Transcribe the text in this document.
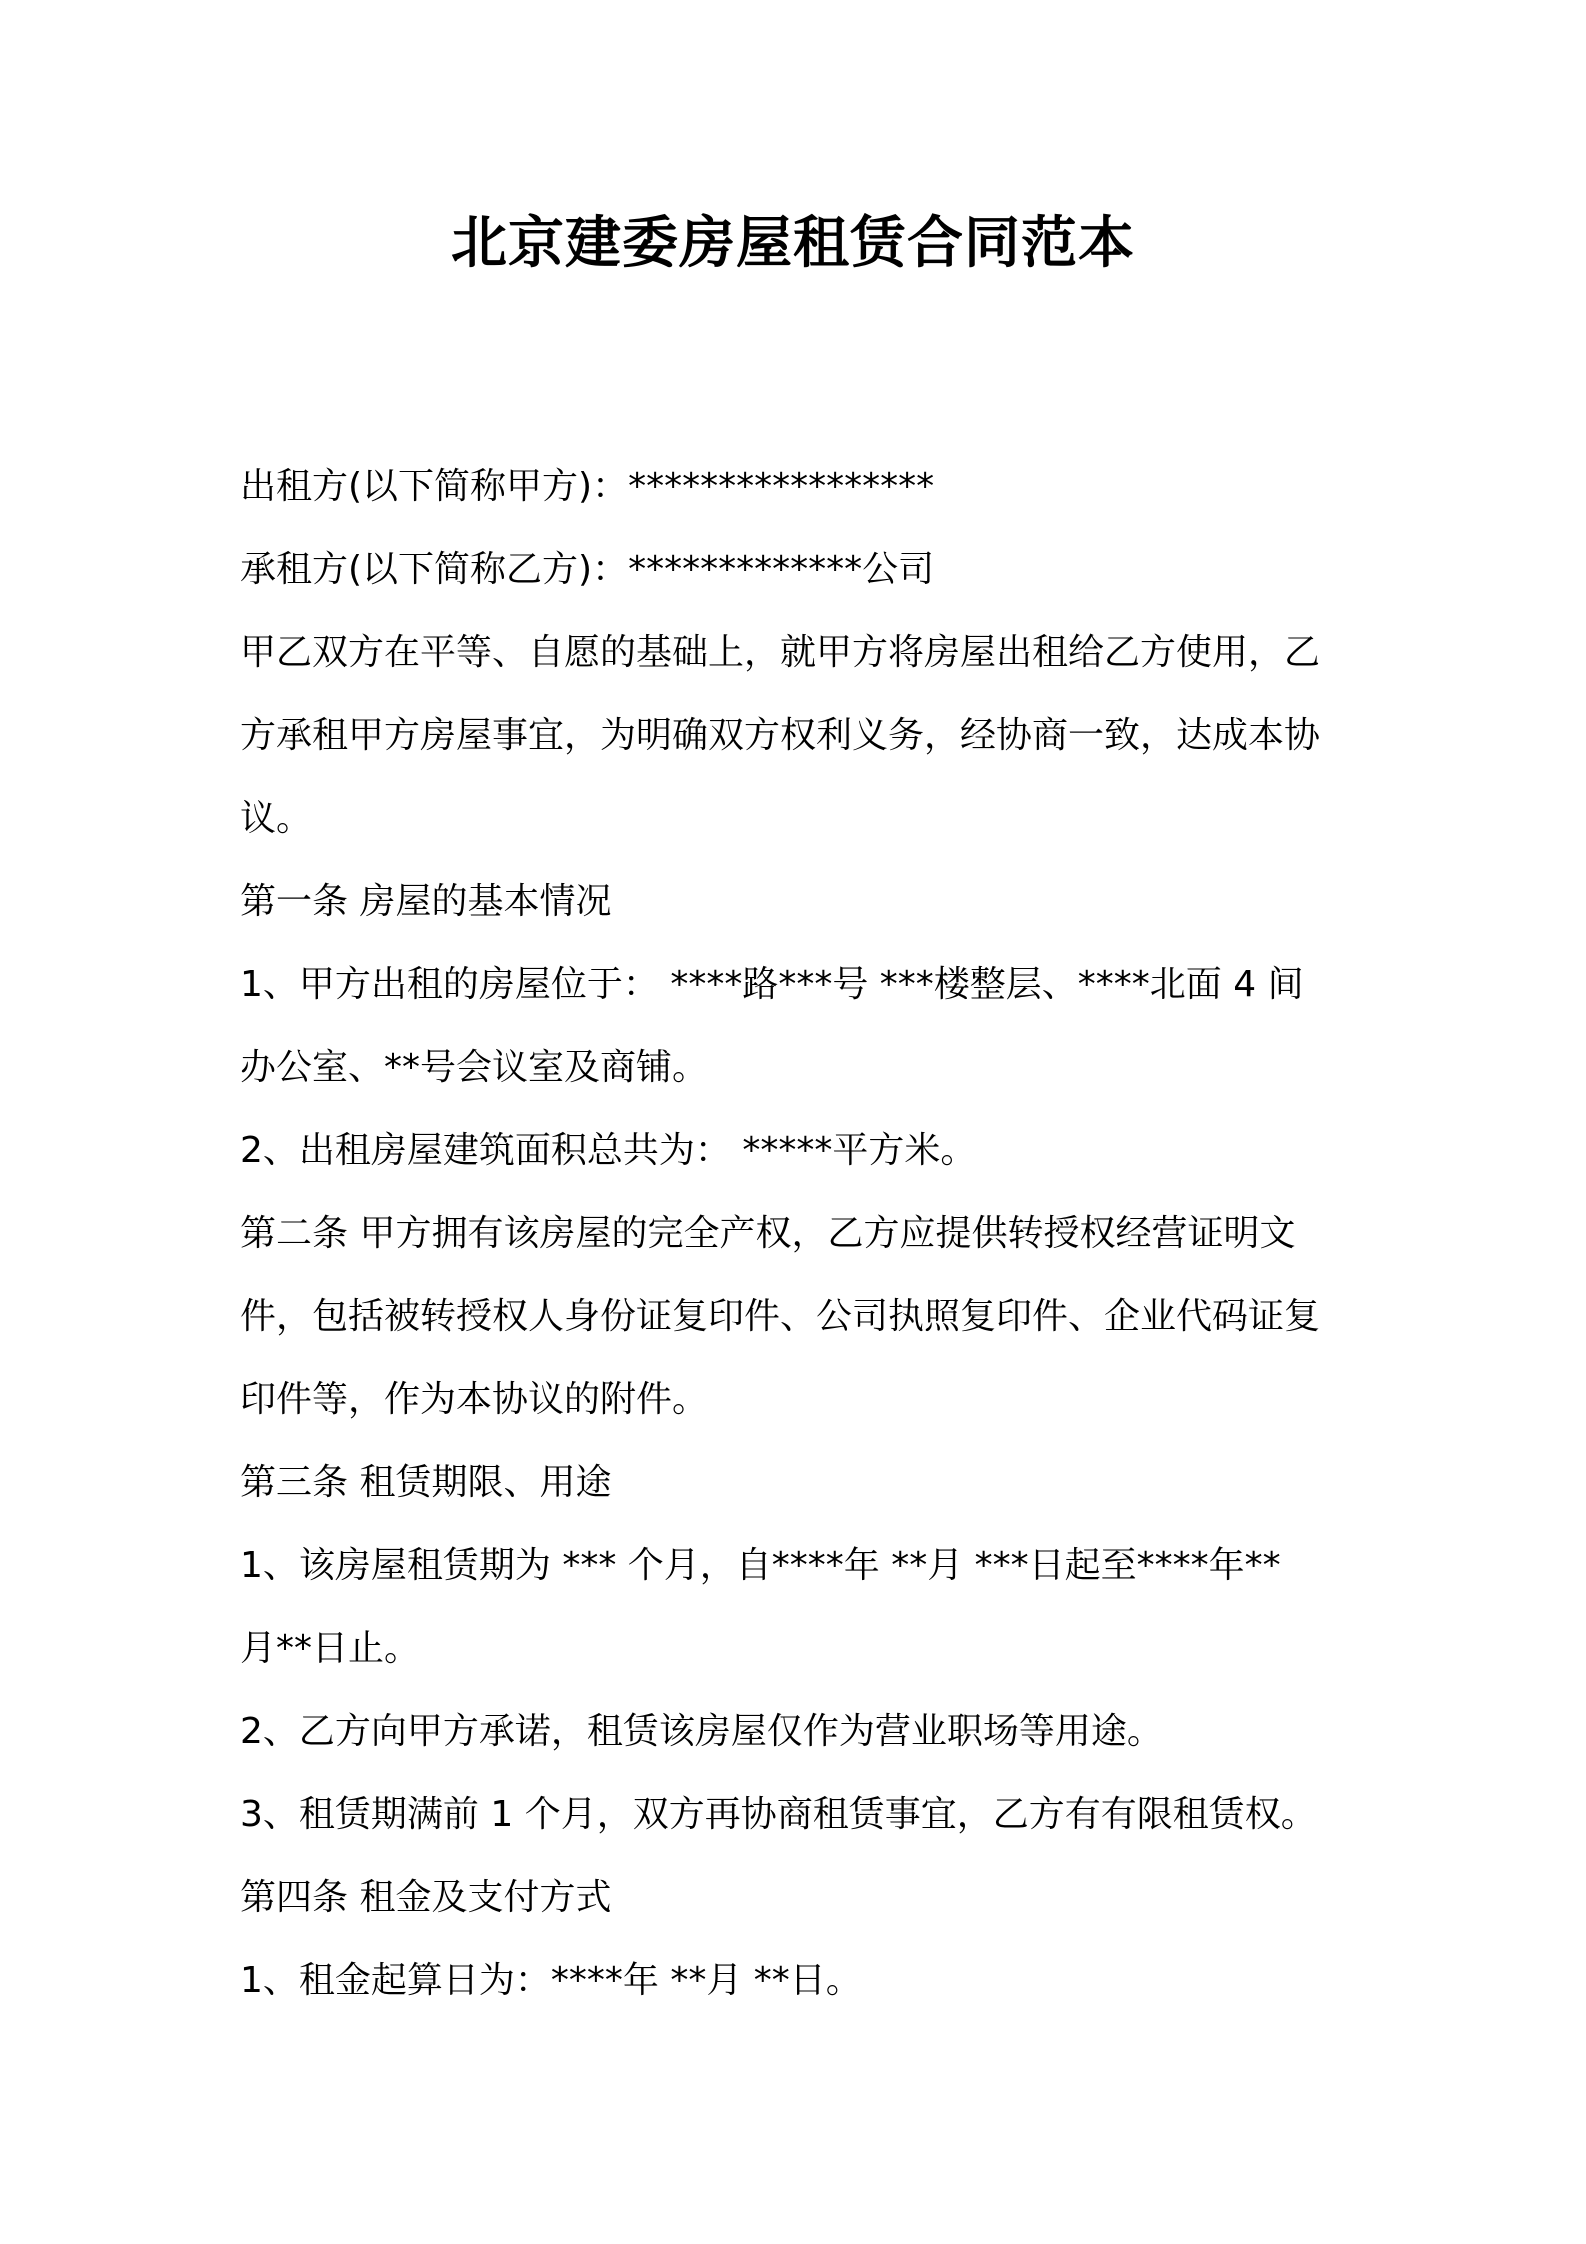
北京建委房屋租赁合同范本
出租方(以下简称甲方)：*****************
承租方(以下简称乙方)：*************公司
甲乙双方在平等、自愿的基础上，就甲方将房屋出租给乙方使用，乙
方承租甲方房屋事宜，为明确双方权利义务，经协商一致，达成本协
议。
第一条 房屋的基本情况
1、甲方出租的房屋位于： ****路***号 ***楼整层、****北面 4 间
办公室、**号会议室及商铺。
2、出租房屋建筑面积总共为： *****平方米。
第二条 甲方拥有该房屋的完全产权，乙方应提供转授权经营证明文
件，包括被转授权人身份证复印件、公司执照复印件、企业代码证复
印件等，作为本协议的附件。
第三条 租赁期限、用途
1、该房屋租赁期为 *** 个月，自****年 **月 ***日起至****年**
月**日止。
2、乙方向甲方承诺，租赁该房屋仅作为营业职场等用途。
3、租赁期满前 1 个月，双方再协商租赁事宜，乙方有有限租赁权。
第四条 租金及支付方式
1、租金起算日为：****年 **月 **日。
